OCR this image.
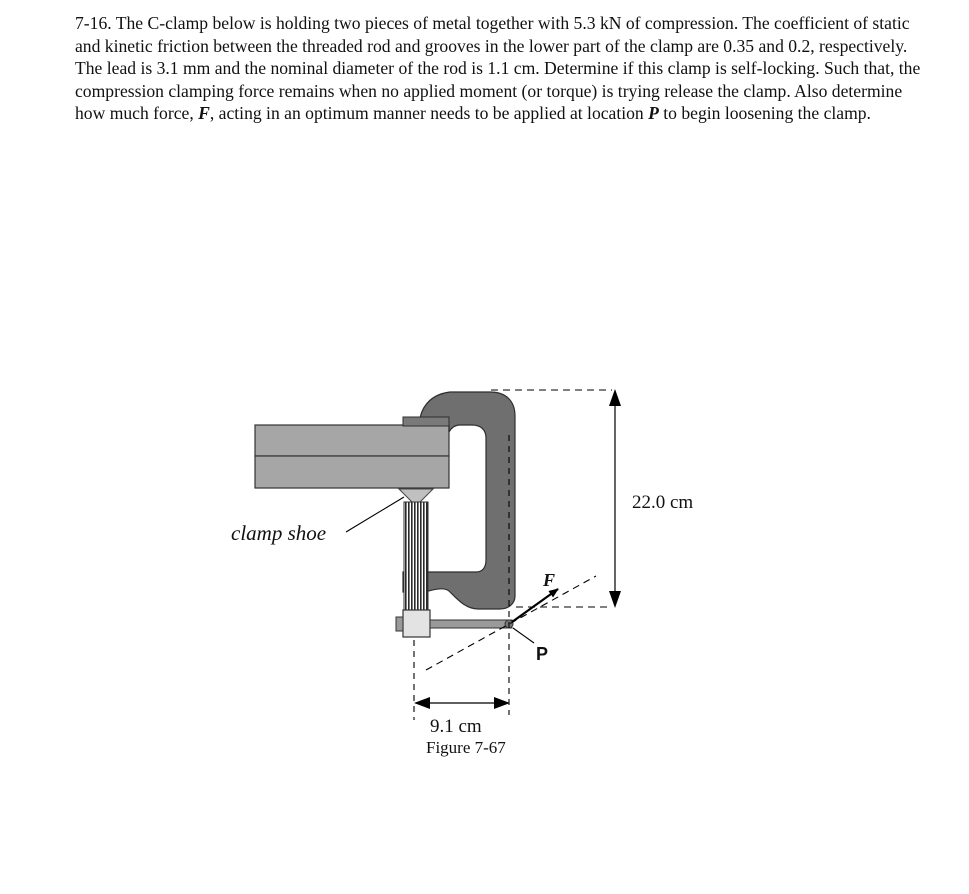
7-16. The C-clamp below is holding two pieces of metal together with 5.3 kN of compression. The coefficient of static and kinetic friction between the threaded rod and grooves in the lower part of the clamp are 0.35 and 0.2, respectively. The lead is 3.1 mm and the nominal diameter of the rod is 1.1 cm. Determine if this clamp is self-locking. Such that, the compression clamping force remains when no applied moment (or torque) is trying release the clamp. Also determine how much force, F, acting in an optimum manner needs to be applied at location P to begin loosening the clamp.

22.0 cm
9.1 cm
Figure 7-67
F
P
clamp shoe
